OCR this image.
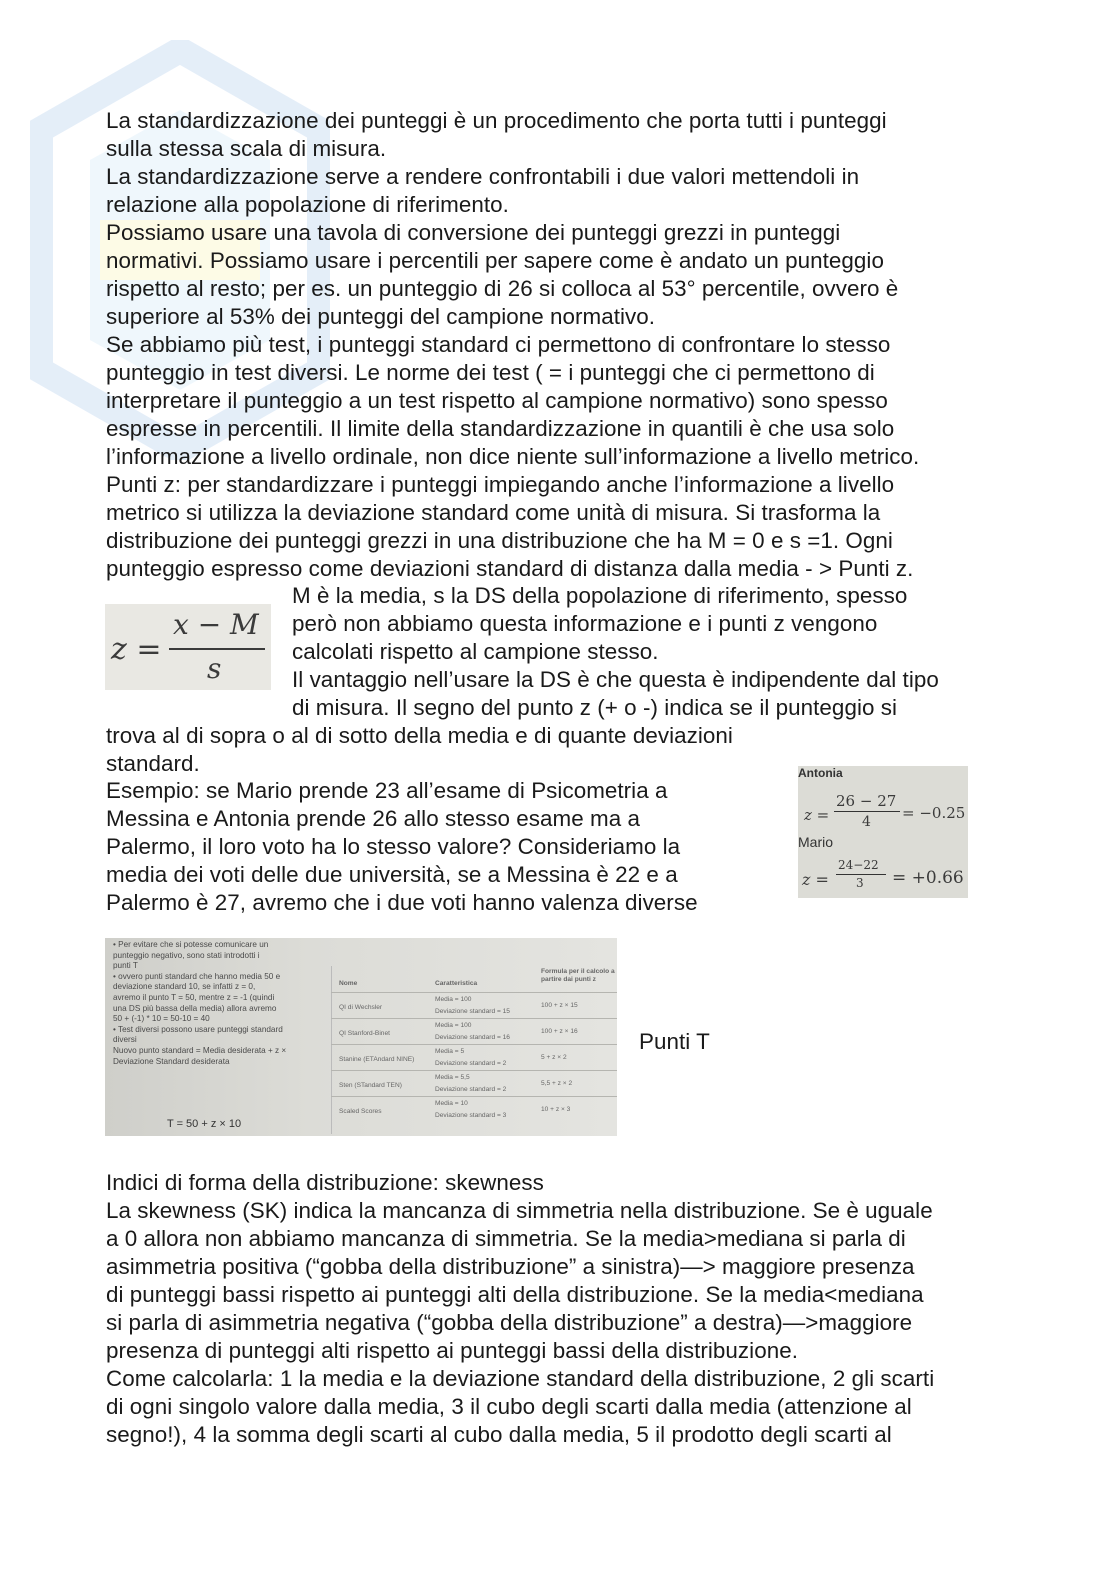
La standardizzazione dei punteggi è un procedimento che porta tutti i punteggi
sulla stessa scala di misura.
La standardizzazione serve a rendere confrontabili i due valori mettendoli in
relazione alla popolazione di riferimento.
Possiamo usare una tavola di conversione dei punteggi grezzi in punteggi
normativi. Possiamo usare i percentili per sapere come è andato un punteggio
rispetto al resto; per es. un punteggio di 26 si colloca al 53° percentile, ovvero è
superiore al 53% dei punteggi del campione normativo.
Se abbiamo più test, i punteggi standard ci permettono di confrontare lo stesso
punteggio in test diversi. Le norme dei test ( = i punteggi che ci permettono di
interpretare il punteggio a un test rispetto al campione normativo) sono spesso
espresse in percentili. Il limite della standardizzazione in quantili è che usa solo
l’informazione a livello ordinale, non dice niente sull’informazione a livello metrico.
Punti z: per standardizzare i punteggi impiegando anche l’informazione a livello
metrico si utilizza la deviazione standard come unità di misura. Si trasforma la
distribuzione dei punteggi grezzi in una distribuzione che ha M = 0 e s =1. Ogni
punteggio espresso come deviazioni standard di distanza dalla media - > Punti z.
z =
x − M
s
M è la media, s la DS della popolazione di riferimento, spesso
però non abbiamo questa informazione e i punti z vengono
calcolati rispetto al campione stesso.
Il vantaggio nell’usare la DS è che questa è indipendente dal tipo
di misura. Il segno del punto z (+ o -) indica se il punteggio si
trova al di sopra o al di sotto della media e di quante deviazioni
standard.
Esempio: se Mario prende 23 all’esame di Psicometria a
Messina e Antonia prende 26 allo stesso esame ma a
Palermo, il loro voto ha lo stesso valore? Consideriamo la
media dei voti delle due università, se a Messina è 22 e a
Palermo è 27, avremo che i due voti hanno valenza diverse
Antonia
z =
26 − 27
4 = −0.25
Mario
z =
24−22
3 = +0.66
• Per evitare che si potesse comunicare un
punteggio negativo, sono stati introdotti i
punti T
• ovvero punti standard che hanno media 50 e
deviazione standard 10, se infatti z = 0,
avremo il punto T = 50, mentre z = -1 (quindi
una DS più bassa della media) allora avremo
50 + (-1) * 10 = 50-10 = 40
• Test diversi possono usare punteggi standard
diversi
Nuovo punto standard = Media desiderata + z ×
Deviazione Standard desiderata
T = 50 + z × 10
Nome	Caratteristica
Formula per il calcolo a partire dai punti z
QI di Wechsler
Media = 100
Deviazione standard = 15
100 + z × 15
QI Stanford-Binet
Media = 100
Deviazione standard = 16
100 + z × 16
Stanine (ETAndard NINE)
Media = 5
Deviazione standard = 2
5 + z × 2
Sten (STandard TEN)
Media = 5,5
Deviazione standard = 2
5,5 + z × 2
Scaled Scores
Media = 10
Deviazione standard = 3
10 + z × 3
Punti T
Indici di forma della distribuzione: skewness
La skewness (SK) indica la mancanza di simmetria nella distribuzione. Se è uguale
a 0 allora non abbiamo mancanza di simmetria. Se la media>mediana si parla di
asimmetria positiva (“gobba della distribuzione” a sinistra)—> maggiore presenza
di punteggi bassi rispetto ai punteggi alti della distribuzione. Se la media<mediana
si parla di asimmetria negativa (“gobba della distribuzione” a destra)—>maggiore
presenza di punteggi alti rispetto ai punteggi bassi della distribuzione.
Come calcolarla: 1 la media e la deviazione standard della distribuzione, 2 gli scarti
di ogni singolo valore dalla media, 3 il cubo degli scarti dalla media (attenzione al
segno!), 4 la somma degli scarti al cubo dalla media, 5 il prodotto degli scarti al
